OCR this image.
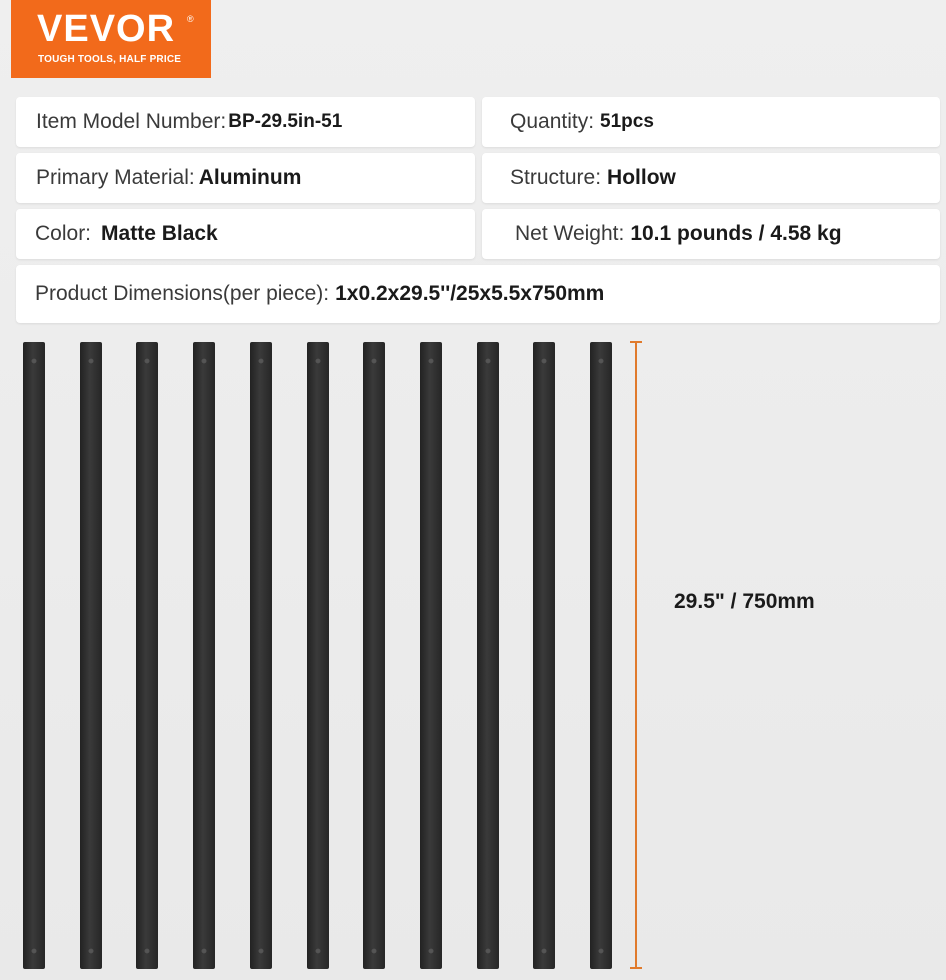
VEVOR ®
TOUGH TOOLS, HALF PRICE
Item Model Number: BP-29.5in-51	Quantity: 51pcs
Primary Material: Aluminum	Structure: Hollow
Color: Matte Black	Net Weight: 10.1 pounds / 4.58 kg
Product Dimensions(per piece): 1x0.2x29.5''/25x5.5x750mm
29.5" / 750mm
